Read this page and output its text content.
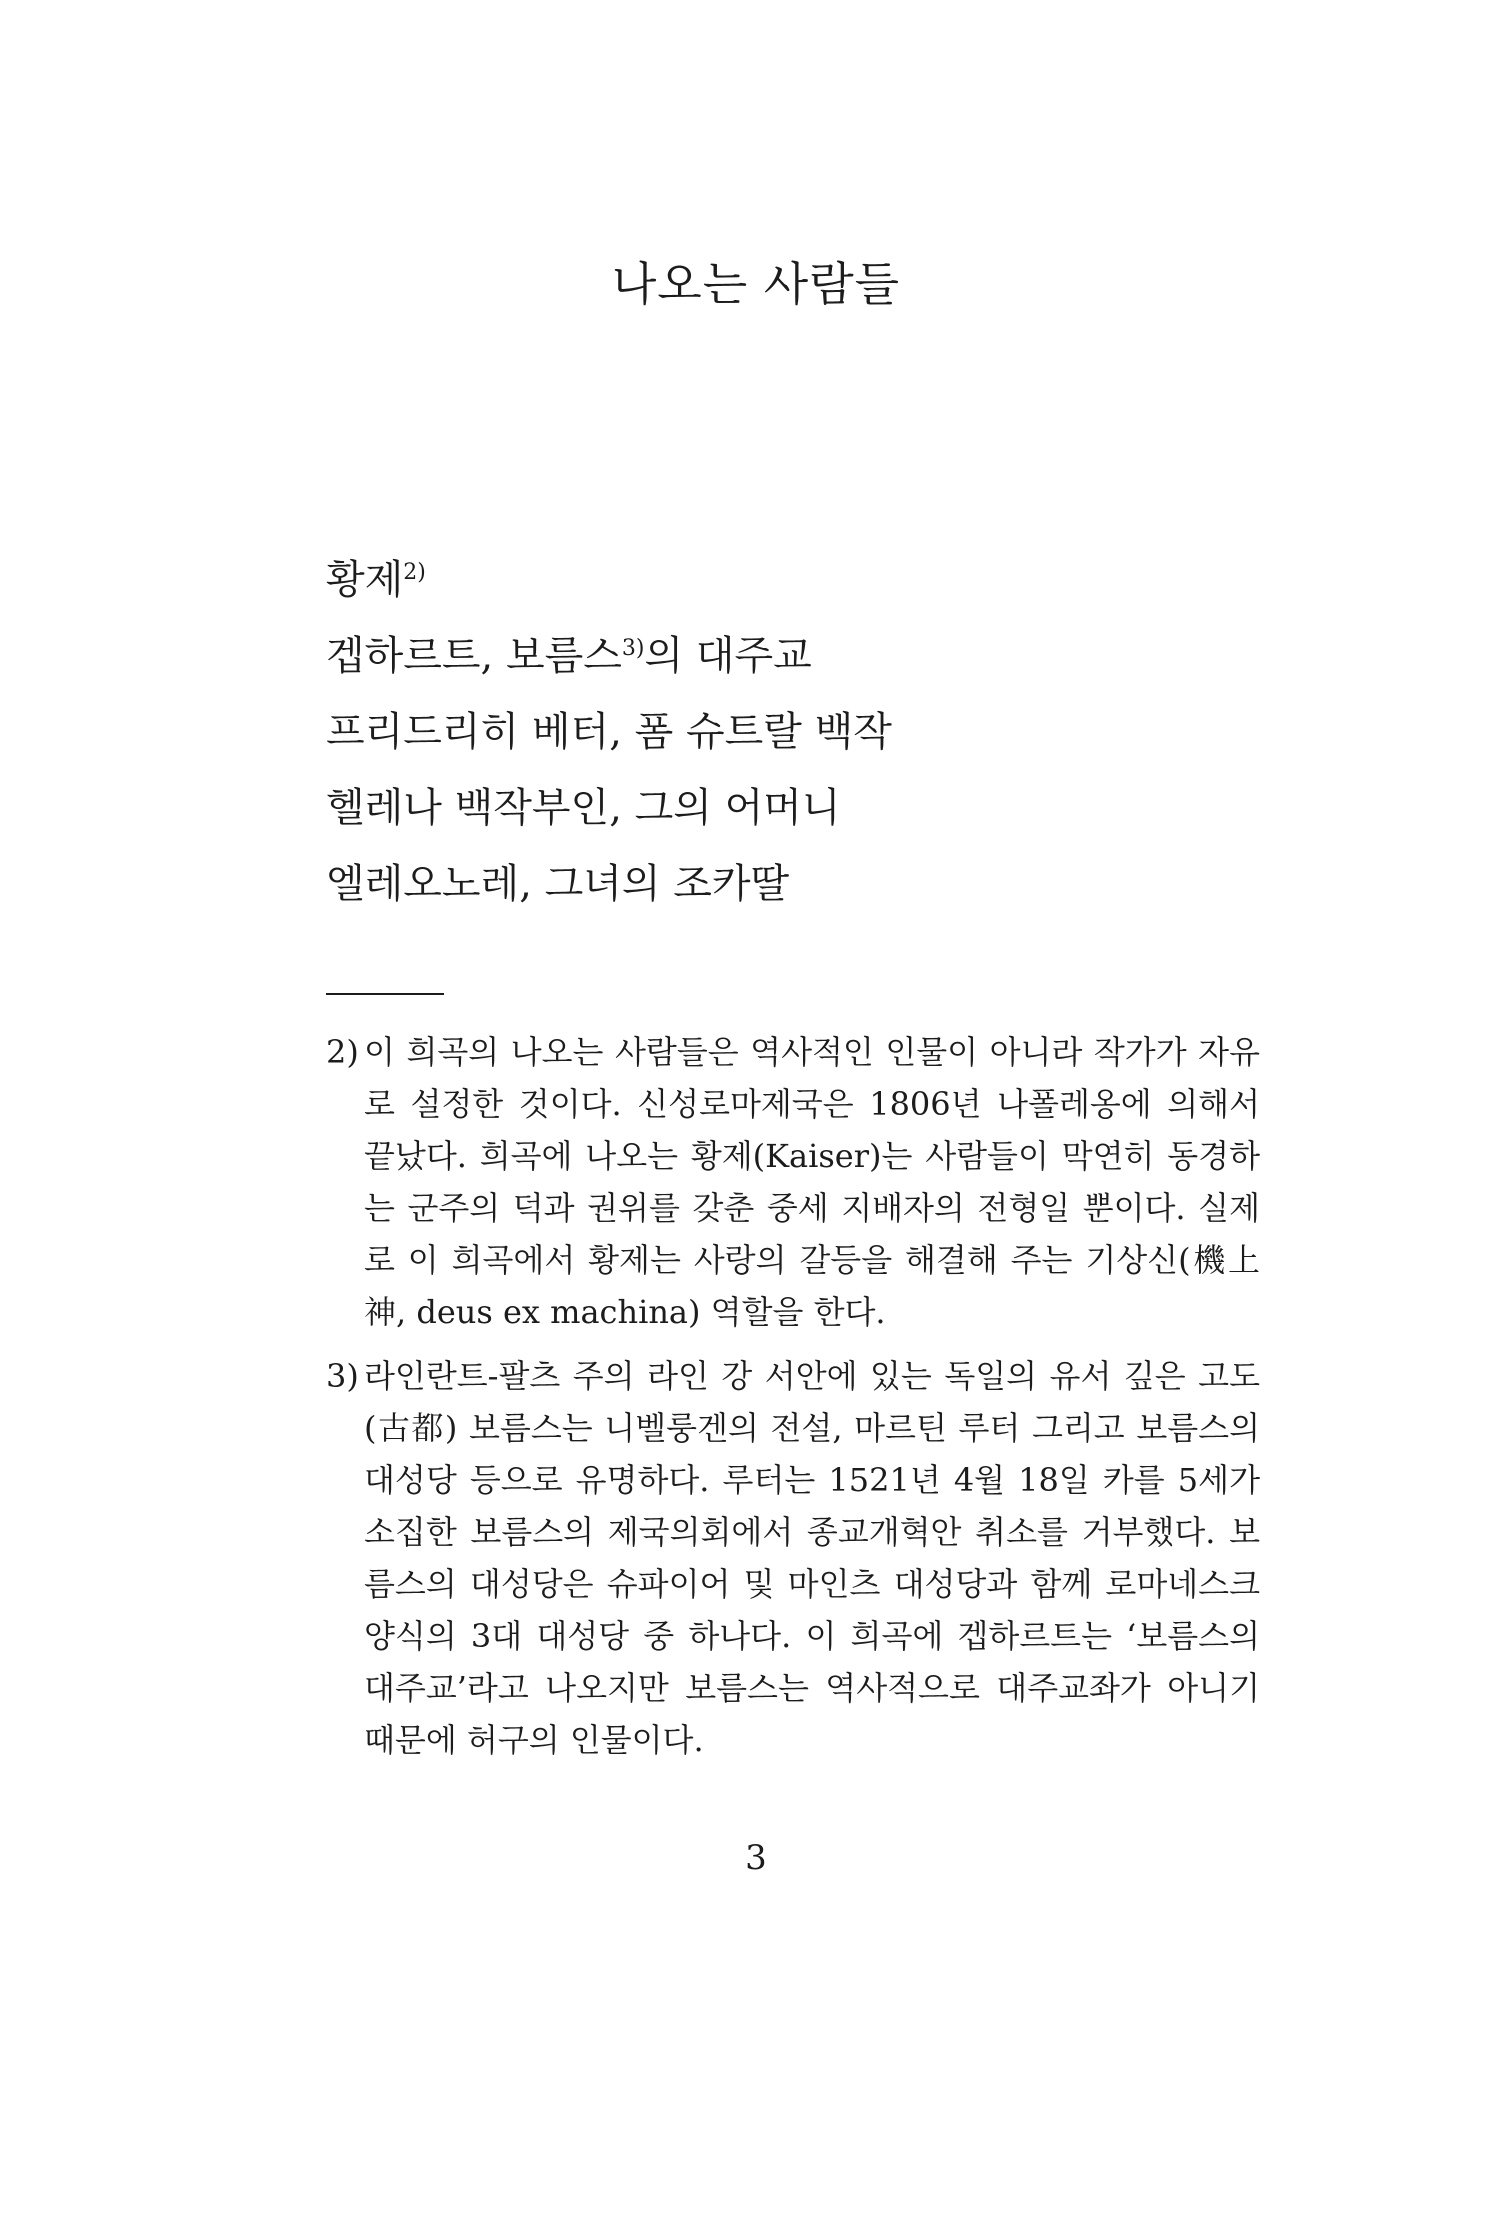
나오는 사람들
황제$^{2)}$
겝하르트, 보름스$^{3)}$의 대주교
프리드리히 베터, 폼 슈트랄 백작
헬레나 백작부인, 그의 어머니
엘레오노레, 그녀의 조카딸

2) 이 희곡의 나오는 사람들은 역사적인 인물이 아니라 작가가 자유로 설정한 것이다. 신성로마제국은 1806년 나폴레옹에 의해서 끝났다. 희곡에 나오는 황제(Kaiser)는 사람들이 막연히 동경하는 군주의 덕과 권위를 갖춘 중세 지배자의 전형일 뿐이다. 실제로 이 희곡에서 황제는 사랑의 갈등을 해결해 주는 기상신(機上神, deus ex machina) 역할을 한다.

3) 라인란트-팔츠 주의 라인 강 서안에 있는 독일의 유서 깊은 고도(古都) 보름스는 니벨룽겐의 전설, 마르틴 루터 그리고 보름스의 대성당 등으로 유명하다. 루터는 1521년 4월 18일 카를 5세가 소집한 보름스의 제국의회에서 종교개혁안 취소를 거부했다. 보름스의 대성당은 슈파이어 및 마인츠 대성당과 함께 로마네스크 양식의 3대 대성당 중 하나다. 이 희곡에 겝하르트는 ‘보름스의 대주교’라고 나오지만 보름스는 역사적으로 대주교좌가 아니기 때문에 허구의 인물이다.

3
